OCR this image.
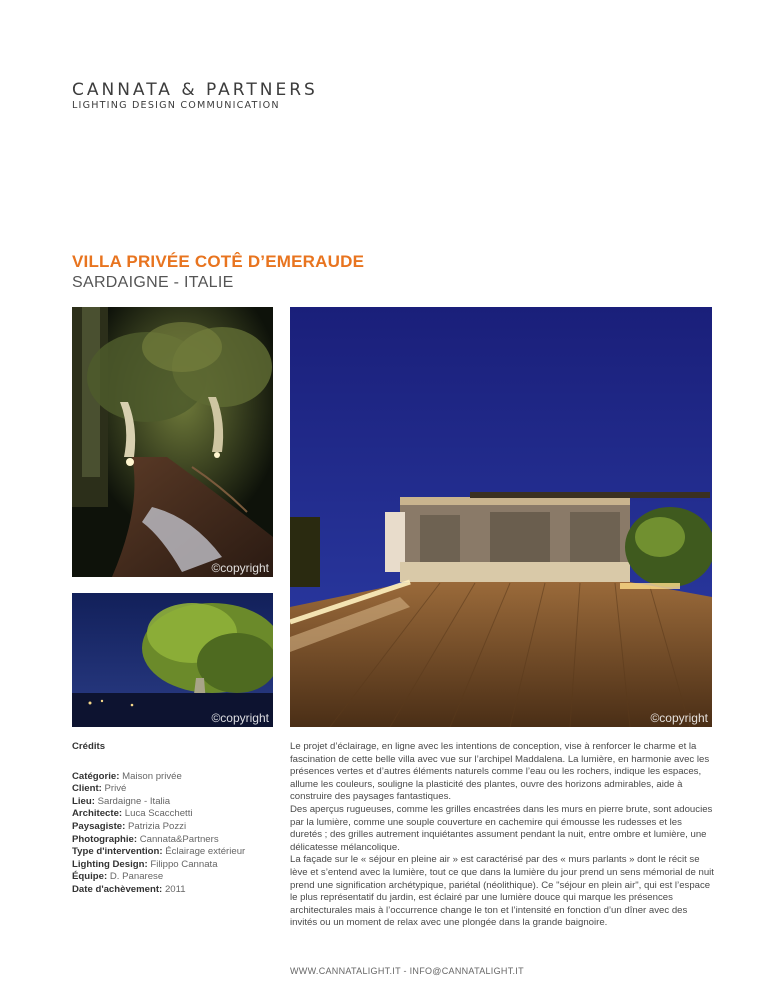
CANNATA & PARTNERS
LIGHTING DESIGN COMMUNICATION
VILLA PRIVÉE COTÊ D’EMERAUDE
SARDAIGNE - ITALIE
©copyright
©copyright	©copyright
Crédits
Catégorie: Maison privée
Client: Privé
Lieu: Sardaigne - Italia
Architecte: Luca Scacchetti
Paysagiste: Patrizia Pozzi
Photographie: Cannata&Partners
Type d'intervention: Éclairage extérieur
Lighting Design: Filippo Cannata
Équipe: D. Panarese
Date d'achèvement: 2011

Le projet d’éclairage, en ligne avec les intentions de conception, vise à renforcer le charme et la fascination de cette belle villa avec vue sur l’archipel Maddalena. La lumière, en harmonie avec les présences vertes et d’autres éléments naturels comme l’eau ou les rochers, indique les espaces, allume les couleurs, souligne la plasticité des plantes, ouvre des horizons admirables, aide à construire des paysages fantastiques.

Des aperçus rugueuses, comme les grilles encastrées dans les murs en pierre brute, sont adoucies par la lumière, comme une souple couverture en cachemire qui émousse les rudesses et les duretés ; des grilles autrement inquiétantes assument pendant la nuit, entre ombre et lumière, une délicatesse mélancolique.

La façade sur le « séjour en pleine air » est caractérisé par des « murs parlants » dont le récit se lève et s’entend avec la lumière, tout ce que dans la lumière du jour prend un sens mémorial de nuit prend une signification archétypique, pariétal (néolithique). Ce "séjour en plein air", qui est l’espace le plus représentatif du jardin, est éclairé par une lumière douce qui marque les présences architecturales mais à l’occurrence change le ton et l’intensité en fonction d’un dîner avec des invités ou un moment de relax avec une plongée dans la grande baignoire.

WWW.CANNATALIGHT.IT - INFO@CANNATALIGHT.IT
